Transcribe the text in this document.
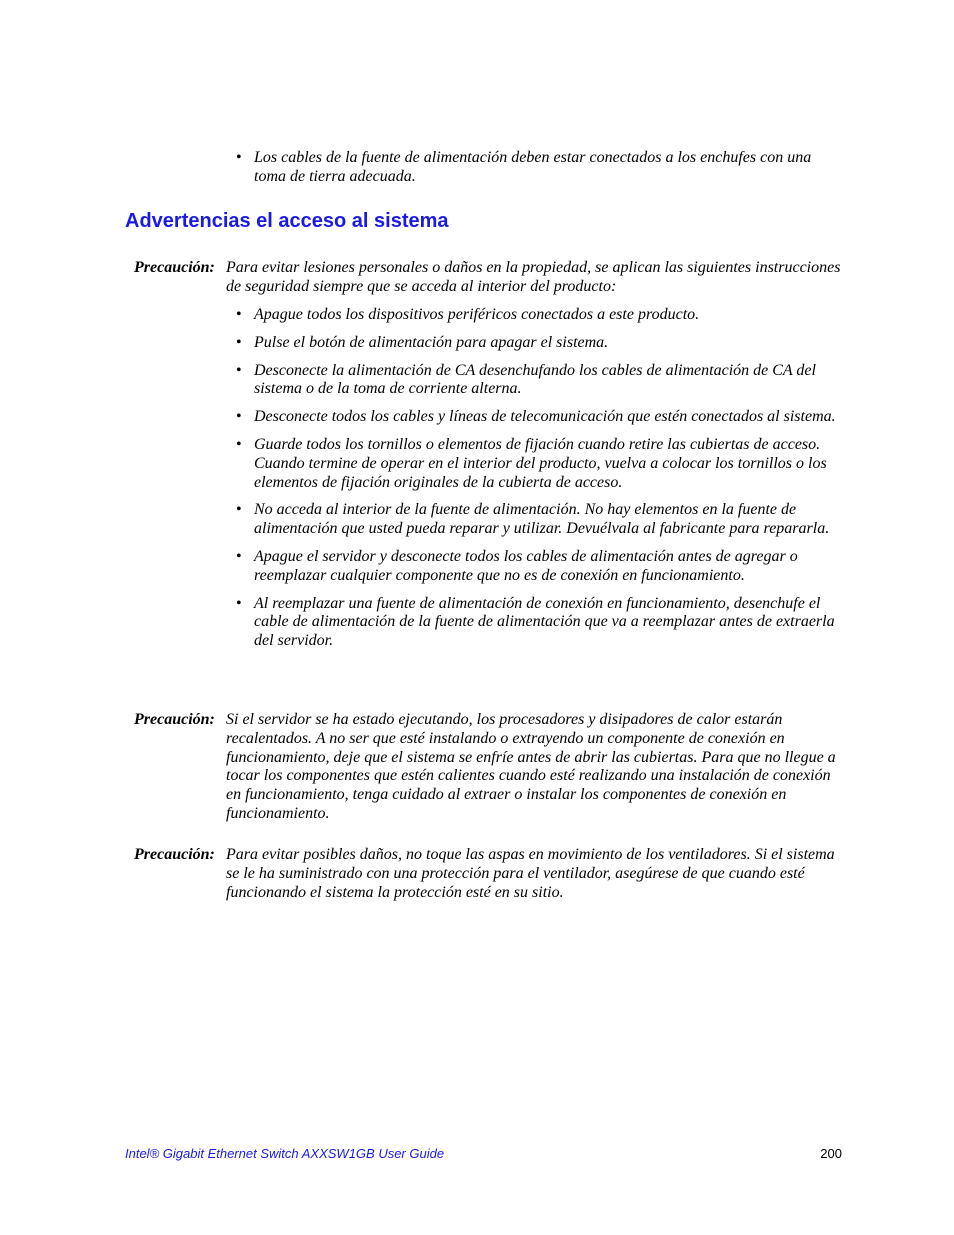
• Los cables de la fuente de alimentación deben estar conectados a los enchufes con una toma de tierra adecuada.
Advertencias el acceso al sistema
Precaución: Para evitar lesiones personales o daños en la propiedad, se aplican las siguientes instrucciones de seguridad siempre que se acceda al interior del producto:
• Apague todos los dispositivos periféricos conectados a este producto.
• Pulse el botón de alimentación para apagar el sistema.
• Desconecte la alimentación de CA desenchufando los cables de alimentación de CA del sistema o de la toma de corriente alterna.
• Desconecte todos los cables y líneas de telecomunicación que estén conectados al sistema.
• Guarde todos los tornillos o elementos de fijación cuando retire las cubiertas de acceso. Cuando termine de operar en el interior del producto, vuelva a colocar los tornillos o los elementos de fijación originales de la cubierta de acceso.
• No acceda al interior de la fuente de alimentación. No hay elementos en la fuente de alimentación que usted pueda reparar y utilizar. Devuélvala al fabricante para repararla.
• Apague el servidor y desconecte todos los cables de alimentación antes de agregar o reemplazar cualquier componente que no es de conexión en funcionamiento.
• Al reemplazar una fuente de alimentación de conexión en funcionamiento, desenchufe el cable de alimentación de la fuente de alimentación que va a reemplazar antes de extraerla del servidor.
Precaución: Si el servidor se ha estado ejecutando, los procesadores y disipadores de calor estarán recalentados. A no ser que esté instalando o extrayendo un componente de conexión en funcionamiento, deje que el sistema se enfríe antes de abrir las cubiertas. Para que no llegue a tocar los componentes que estén calientes cuando esté realizando una instalación de conexión en funcionamiento, tenga cuidado al extraer o instalar los componentes de conexión en funcionamiento.
Precaución: Para evitar posibles daños, no toque las aspas en movimiento de los ventiladores. Si el sistema se le ha suministrado con una protección para el ventilador, asegúrese de que cuando esté funcionando el sistema la protección esté en su sitio.
Intel® Gigabit Ethernet Switch AXXSW1GB User Guide	200
